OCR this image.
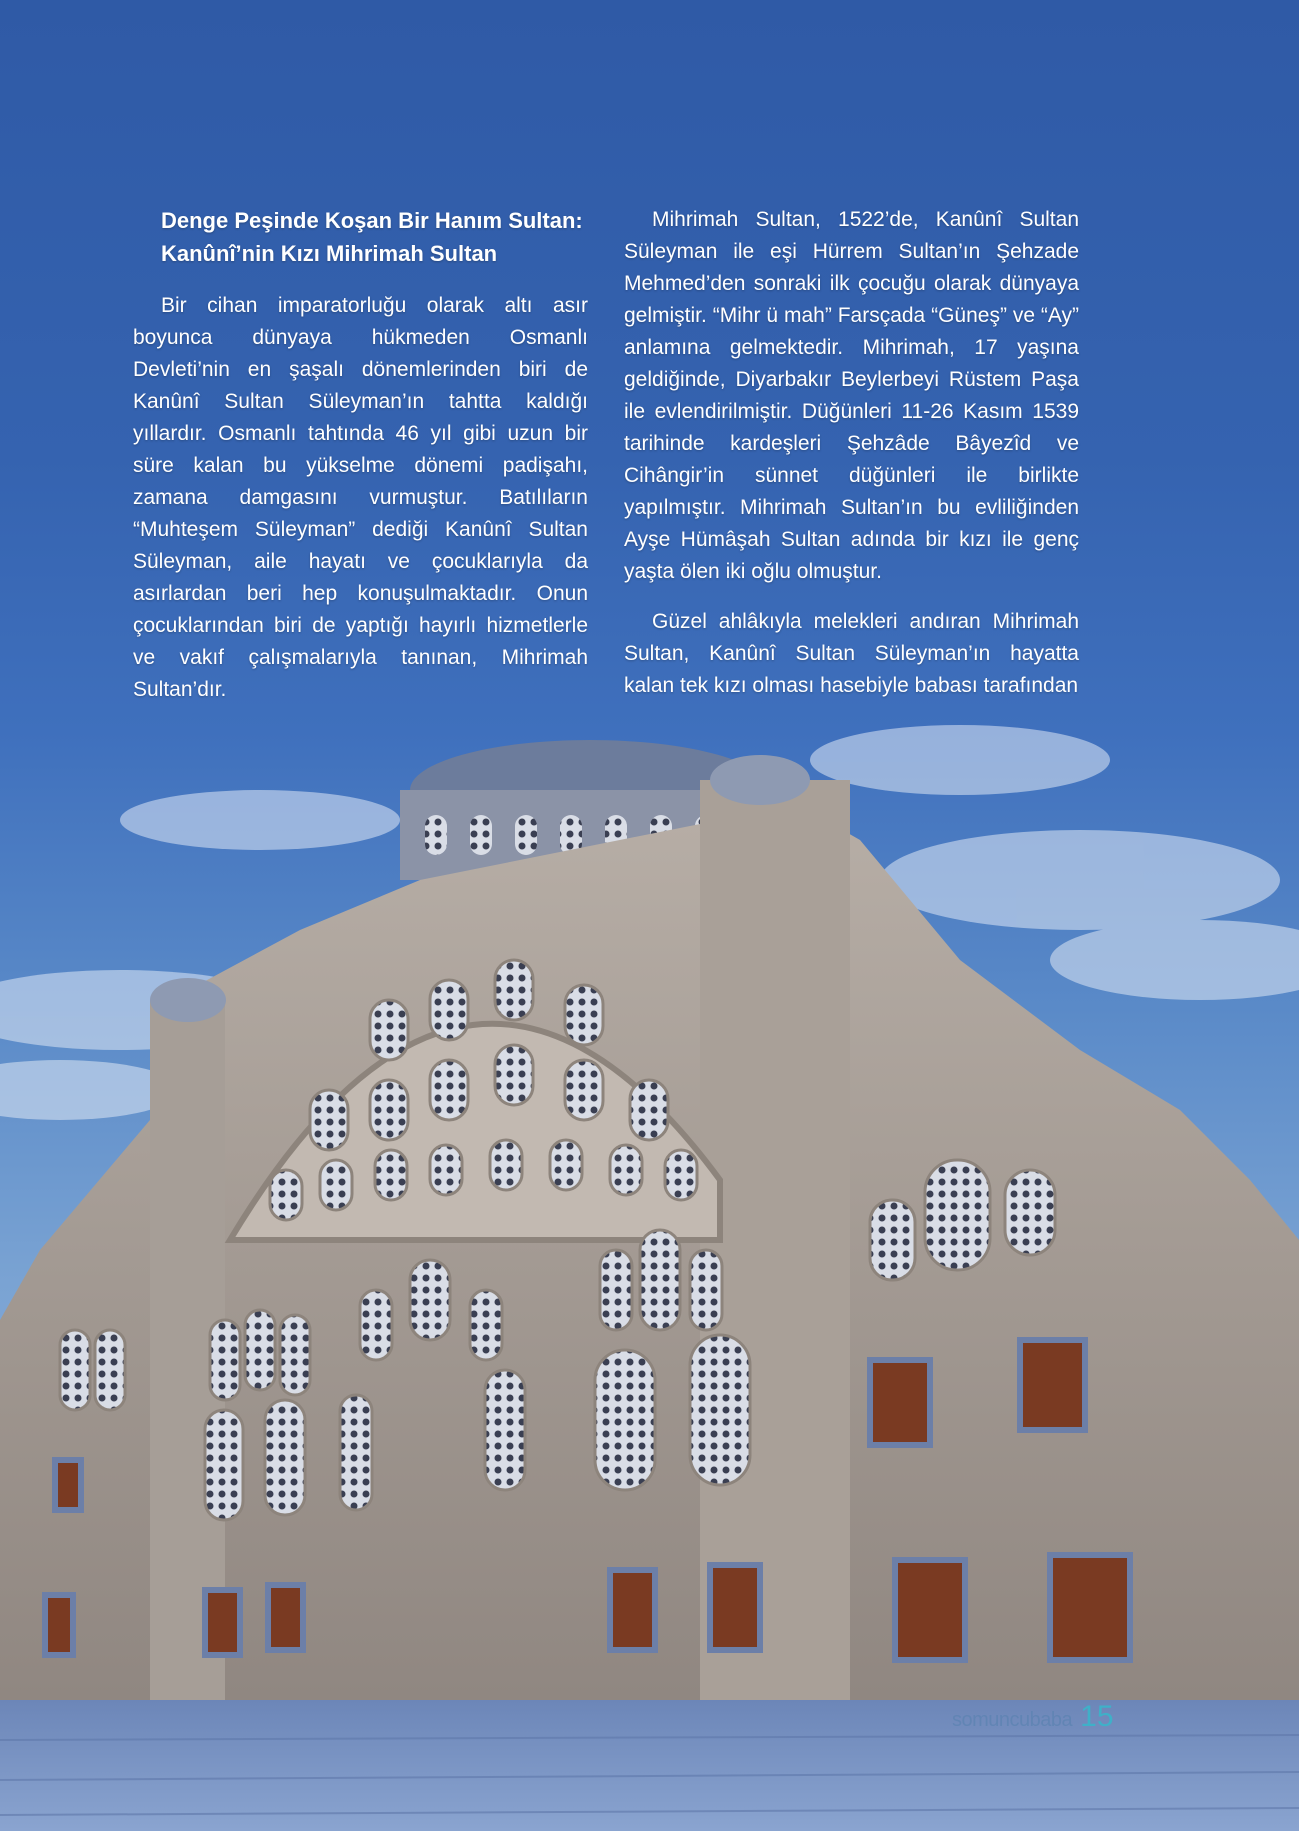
Denge Peşinde Koşan Bir Hanım Sultan:
Kanûnî’nin Kızı Mihrimah Sultan

Bir cihan imparatorluğu olarak altı asır boyunca dünyaya hükmeden Osmanlı Devleti’nin en şaşalı dönemlerinden biri de Kanûnî Sultan Süleyman’ın tahtta kaldığı yıllardır. Osmanlı tahtında 46 yıl gibi uzun bir süre kalan bu yükselme dönemi padişahı, zamana damgasını vurmuştur. Batılıların “Muhteşem Süleyman” dediği Kanûnî Sultan Süleyman, aile hayatı ve çocuklarıyla da asırlardan beri hep konuşulmaktadır. Onun çocuklarından biri de yaptığı hayırlı hizmetlerle ve vakıf çalışmalarıyla tanınan, Mihrimah Sultan’dır.

Mihrimah Sultan, 1522’de, Kanûnî Sultan Süleyman ile eşi Hürrem Sultan’ın Şehzade Mehmed’den sonraki ilk çocuğu olarak dünyaya gelmiştir. “Mihr ü mah” Farsçada “Güneş” ve “Ay” anlamına gelmektedir. Mihrimah, 17 yaşına geldiğinde, Diyarbakır Beylerbeyi Rüstem Paşa ile evlendirilmiştir. Düğünleri 11-26 Kasım 1539 tarihinde kardeşleri Şehzâde Bâyezîd ve Cihângir’in sünnet düğünleri ile birlikte yapılmıştır. Mihrimah Sultan’ın bu evliliğinden Ayşe Hümâşah Sultan adında bir kızı ile genç yaşta ölen iki oğlu olmuştur.

Güzel ahlâkıyla melekleri andıran Mihrimah Sultan, Kanûnî Sultan Süleyman’ın hayatta kalan tek kızı olması hasebiyle babası tarafından

somuncubaba 15
